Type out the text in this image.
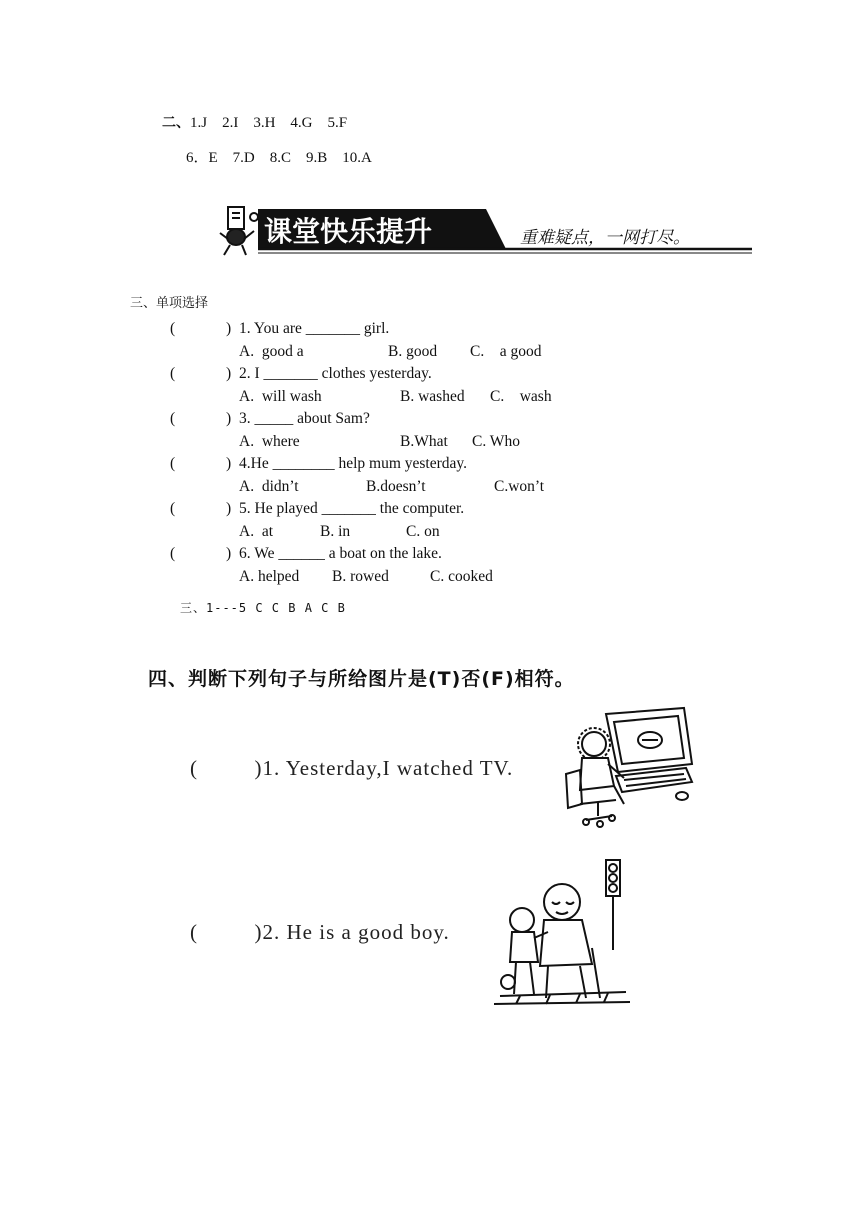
二、1.J    2.I    3.H    4.G    5.F
6．E    7.D    8.C    9.B    10.A
课堂快乐提升	重难疑点，一网打尽。
三、单项选择
(	) 1. You are _______ girl.
A.  good a	B. good C.    a good
(	) 2. I _______ clothes yesterday.
A.  will wash	B. washed C.    wash
(	) 3. _____ about Sam?
A.  where	B.What C. Who
(	) 4.He ________ help mum yesterday.
A.  didn’t	B.doesn’t	C.won’t
(	) 5. He played _______ the computer.
A.  at	B. in	C. on
(	) 6. We ______ a boat on the lake.
A. helped B. rowed	C. cooked
三、1---5 C C B A C B
四、判断下列句子与所给图片是(T)否(F)相符。
(	)1. Yesterday,I watched TV.
(	)2. He is a good boy.
